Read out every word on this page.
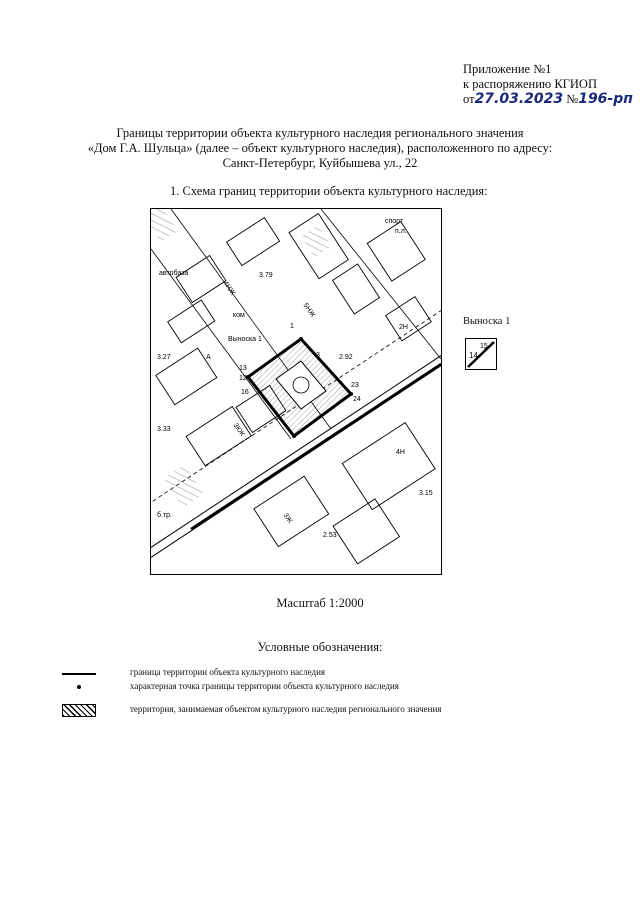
Приложение №1
к распоряжению КГИОП
от27.03.2023 №196-рп
Границы территории объекта культурного наследия регионального значения
«Дом Г.А. Шульца» (далее – объект культурного наследия), расположенного по адресу:
Санкт-Петербург, Куйбышева ул., 22
1. Схема границ территории объекта культурного наследия:
автобаза
Выноска 1
спорт
п.л.
ком
б.тр.
12
13
16
23
24
1
3
3.79
3.27
3.33
2.92
3.15
2.53
4НЖ
5НЖ
3КЖ
2Н
4Н
3Ж
А
Выноска 1
15
14
Масштаб 1:2000
Условные обозначения:
граница территории объекта культурного наследия
характерная точка границы территории объекта культурного наследия
территория, занимаемая объектом культурного наследия регионального значения
